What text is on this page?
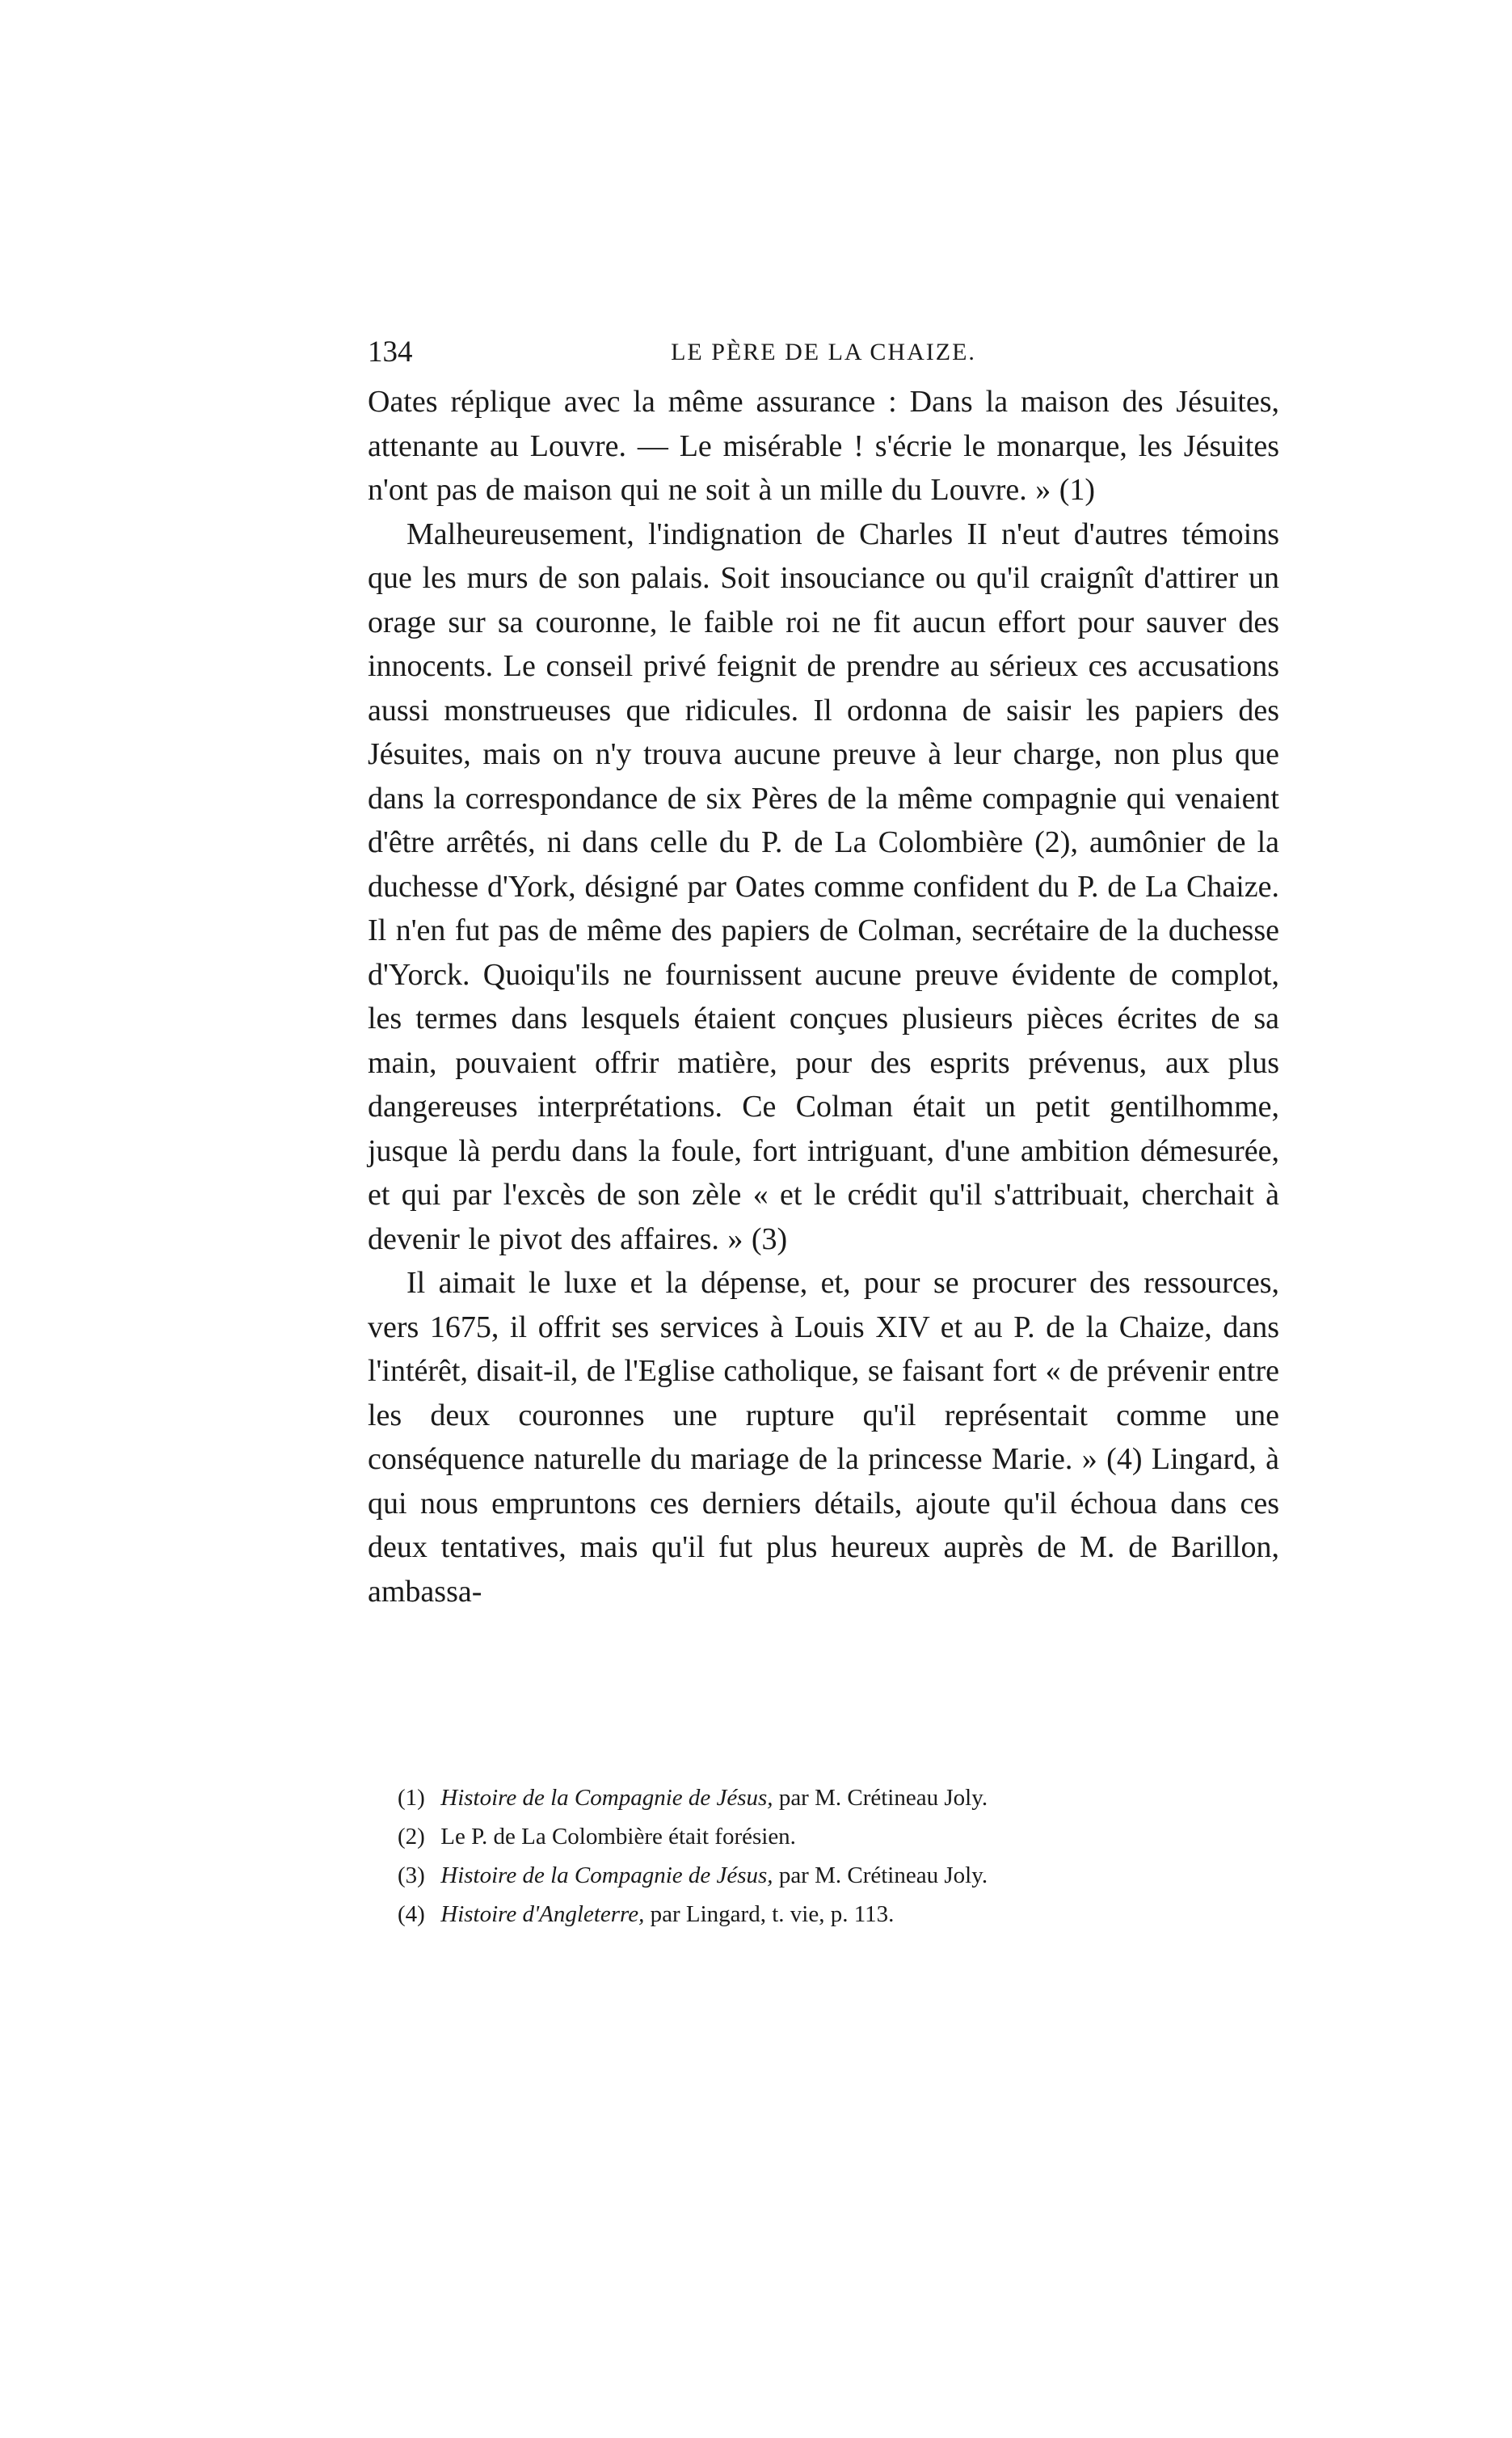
134	LE PÈRE DE LA CHAIZE.

Oates réplique avec la même assurance : Dans la maison des Jésuites, attenante au Louvre. — Le misérable ! s'écrie le monarque, les Jésuites n'ont pas de maison qui ne soit à un mille du Louvre. » (1)

Malheureusement, l'indignation de Charles II n'eut d'autres témoins que les murs de son palais. Soit insouciance ou qu'il craignît d'attirer un orage sur sa couronne, le faible roi ne fit aucun effort pour sauver des innocents. Le conseil privé feignit de prendre au sérieux ces accusations aussi monstrueuses que ridicules. Il ordonna de saisir les papiers des Jésuites, mais on n'y trouva aucune preuve à leur charge, non plus que dans la correspondance de six Pères de la même compagnie qui venaient d'être arrêtés, ni dans celle du P. de La Colombière (2), aumônier de la duchesse d'York, désigné par Oates comme confident du P. de La Chaize. Il n'en fut pas de même des papiers de Colman, secrétaire de la duchesse d'Yorck. Quoiqu'ils ne fournissent aucune preuve évidente de complot, les termes dans lesquels étaient conçues plusieurs pièces écrites de sa main, pouvaient offrir matière, pour des esprits prévenus, aux plus dangereuses interprétations. Ce Colman était un petit gentilhomme, jusque là perdu dans la foule, fort intriguant, d'une ambition démesurée, et qui par l'excès de son zèle « et le crédit qu'il s'attribuait, cherchait à devenir le pivot des affaires. » (3)

Il aimait le luxe et la dépense, et, pour se procurer des ressources, vers 1675, il offrit ses services à Louis XIV et au P. de la Chaize, dans l'intérêt, disait-il, de l'Eglise catholique, se faisant fort « de prévenir entre les deux couronnes une rupture qu'il représentait comme une conséquence naturelle du mariage de la princesse Marie. » (4) Lingard, à qui nous empruntons ces derniers détails, ajoute qu'il échoua dans ces deux tentatives, mais qu'il fut plus heureux auprès de M. de Barillon, ambassa-

(1) Histoire de la Compagnie de Jésus, par M. Crétineau Joly.

(2) Le P. de La Colombière était forésien.

(3) Histoire de la Compagnie de Jésus, par M. Crétineau Joly.

(4) Histoire d'Angleterre, par Lingard, t. vie, p. 113.
